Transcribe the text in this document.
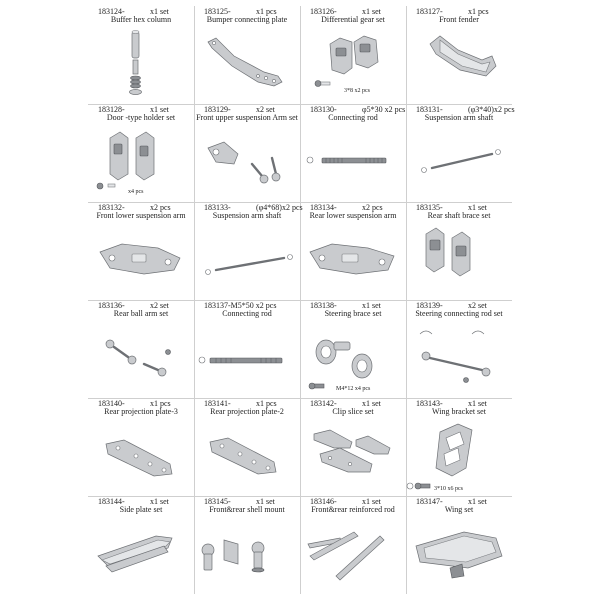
183124-	x1 set
Buffer hex column
183125-	x1 pcs
Bumper connecting plate
183126-	x1 set
Differential gear set
3*8 x2 pcs
183127-	x1 pcs
Front fender
183128-	x1 set
Door -type holder set
x4 pcs
183129-	x2 set
Front upper suspension Arm set
183130-	φ5*30 x2 pcs
Connecting rod
183131-	(φ3*40)x2 pcs
Suspension arm shaft
183132-	x2 pcs
Front lower suspension arm
183133-	(φ4*68)x2 pcs
Suspension arm shaft
183134-	x2 pcs
Rear lower suspension arm
183135-	x1 set
Rear shaft brace set
183136-	x2 set
Rear ball arm set
183137-M5*50 x2 pcs
Connecting rod
183138-	x1 set
Steering brace set
M4*12 x4 pcs
183139-	x2 set
Steering connecting rod set
183140-	x1 pcs
Rear projection plate-3
183141-	x1 pcs
Rear projection plate-2
183142-	x1 set
Clip slice set
183143-	x1 set
Wing bracket set
3*10 x6 pcs
183144-	x1 set
Side plate set
183145-	x1 set
Front&rear shell mount
183146-	x1 set
Front&rear reinforced rod
183147-	x1 set
Wing set
